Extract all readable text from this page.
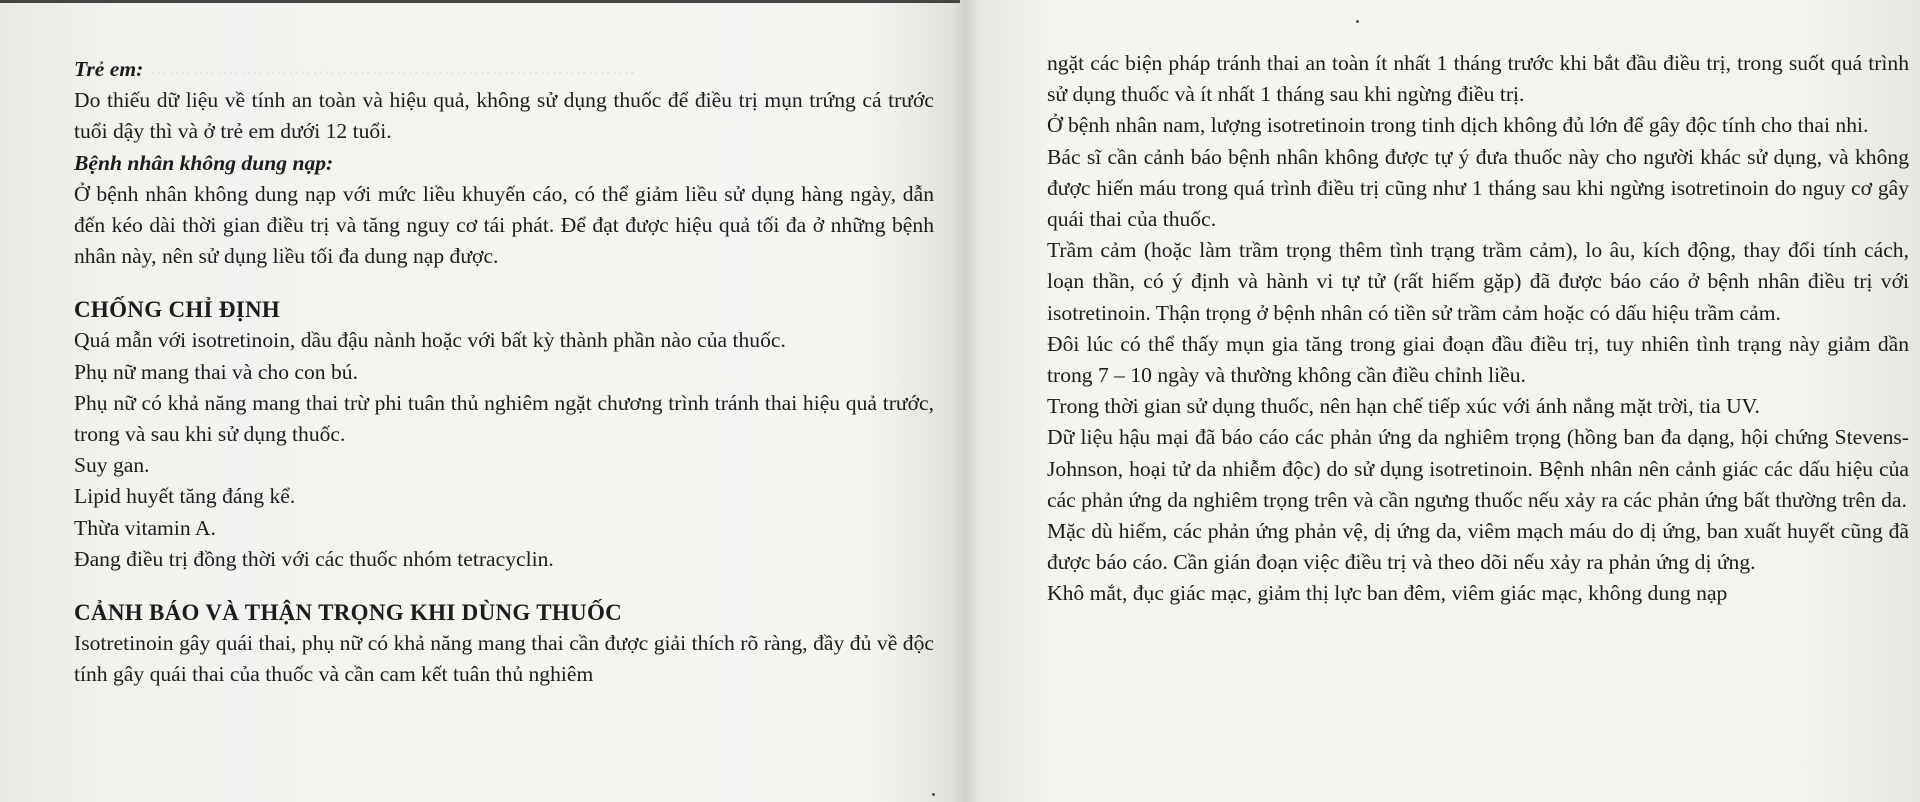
·················································································

Trẻ em:

Do thiếu dữ liệu về tính an toàn và hiệu quả, không sử dụng thuốc để điều trị mụn trứng cá trước tuổi dậy thì và ở trẻ em dưới 12 tuổi.

Bệnh nhân không dung nạp:

Ở bệnh nhân không dung nạp với mức liều khuyến cáo, có thể giảm liều sử dụng hàng ngày, dẫn đến kéo dài thời gian điều trị và tăng nguy cơ tái phát. Để đạt được hiệu quả tối đa ở những bệnh nhân này, nên sử dụng liều tối đa dung nạp được.

CHỐNG CHỈ ĐỊNH

Quá mẫn với isotretinoin, dầu đậu nành hoặc với bất kỳ thành phần nào của thuốc.

Phụ nữ mang thai và cho con bú.

Phụ nữ có khả năng mang thai trừ phi tuân thủ nghiêm ngặt chương trình tránh thai hiệu quả trước, trong và sau khi sử dụng thuốc.

Suy gan.

Lipid huyết tăng đáng kể.

Thừa vitamin A.

Đang điều trị đồng thời với các thuốc nhóm tetracyclin.

CẢNH BÁO VÀ THẬN TRỌNG KHI DÙNG THUỐC

Isotretinoin gây quái thai, phụ nữ có khả năng mang thai cần được giải thích rõ ràng, đầy đủ về độc tính gây quái thai của thuốc và cần cam kết tuân thủ nghiêm

ngặt các biện pháp tránh thai an toàn ít nhất 1 tháng trước khi bắt đầu điều trị, trong suốt quá trình sử dụng thuốc và ít nhất 1 tháng sau khi ngừng điều trị.

Ở bệnh nhân nam, lượng isotretinoin trong tinh dịch không đủ lớn để gây độc tính cho thai nhi.

Bác sĩ cần cảnh báo bệnh nhân không được tự ý đưa thuốc này cho người khác sử dụng, và không được hiến máu trong quá trình điều trị cũng như 1 tháng sau khi ngừng isotretinoin do nguy cơ gây quái thai của thuốc.

Trầm cảm (hoặc làm trầm trọng thêm tình trạng trầm cảm), lo âu, kích động, thay đổi tính cách, loạn thần, có ý định và hành vi tự tử (rất hiếm gặp) đã được báo cáo ở bệnh nhân điều trị với isotretinoin. Thận trọng ở bệnh nhân có tiền sử trầm cảm hoặc có dấu hiệu trầm cảm.

Đôi lúc có thể thấy mụn gia tăng trong giai đoạn đầu điều trị, tuy nhiên tình trạng này giảm dần trong 7 – 10 ngày và thường không cần điều chỉnh liều.

Trong thời gian sử dụng thuốc, nên hạn chế tiếp xúc với ánh nắng mặt trời, tia UV.

Dữ liệu hậu mại đã báo cáo các phản ứng da nghiêm trọng (hồng ban đa dạng, hội chứng Stevens-Johnson, hoại tử da nhiễm độc) do sử dụng isotretinoin. Bệnh nhân nên cảnh giác các dấu hiệu của các phản ứng da nghiêm trọng trên và cần ngưng thuốc nếu xảy ra các phản ứng bất thường trên da.

Mặc dù hiếm, các phản ứng phản vệ, dị ứng da, viêm mạch máu do dị ứng, ban xuất huyết cũng đã được báo cáo. Cần gián đoạn việc điều trị và theo dõi nếu xảy ra phản ứng dị ứng.

Khô mắt, đục giác mạc, giảm thị lực ban đêm, viêm giác mạc, không dung nạp
